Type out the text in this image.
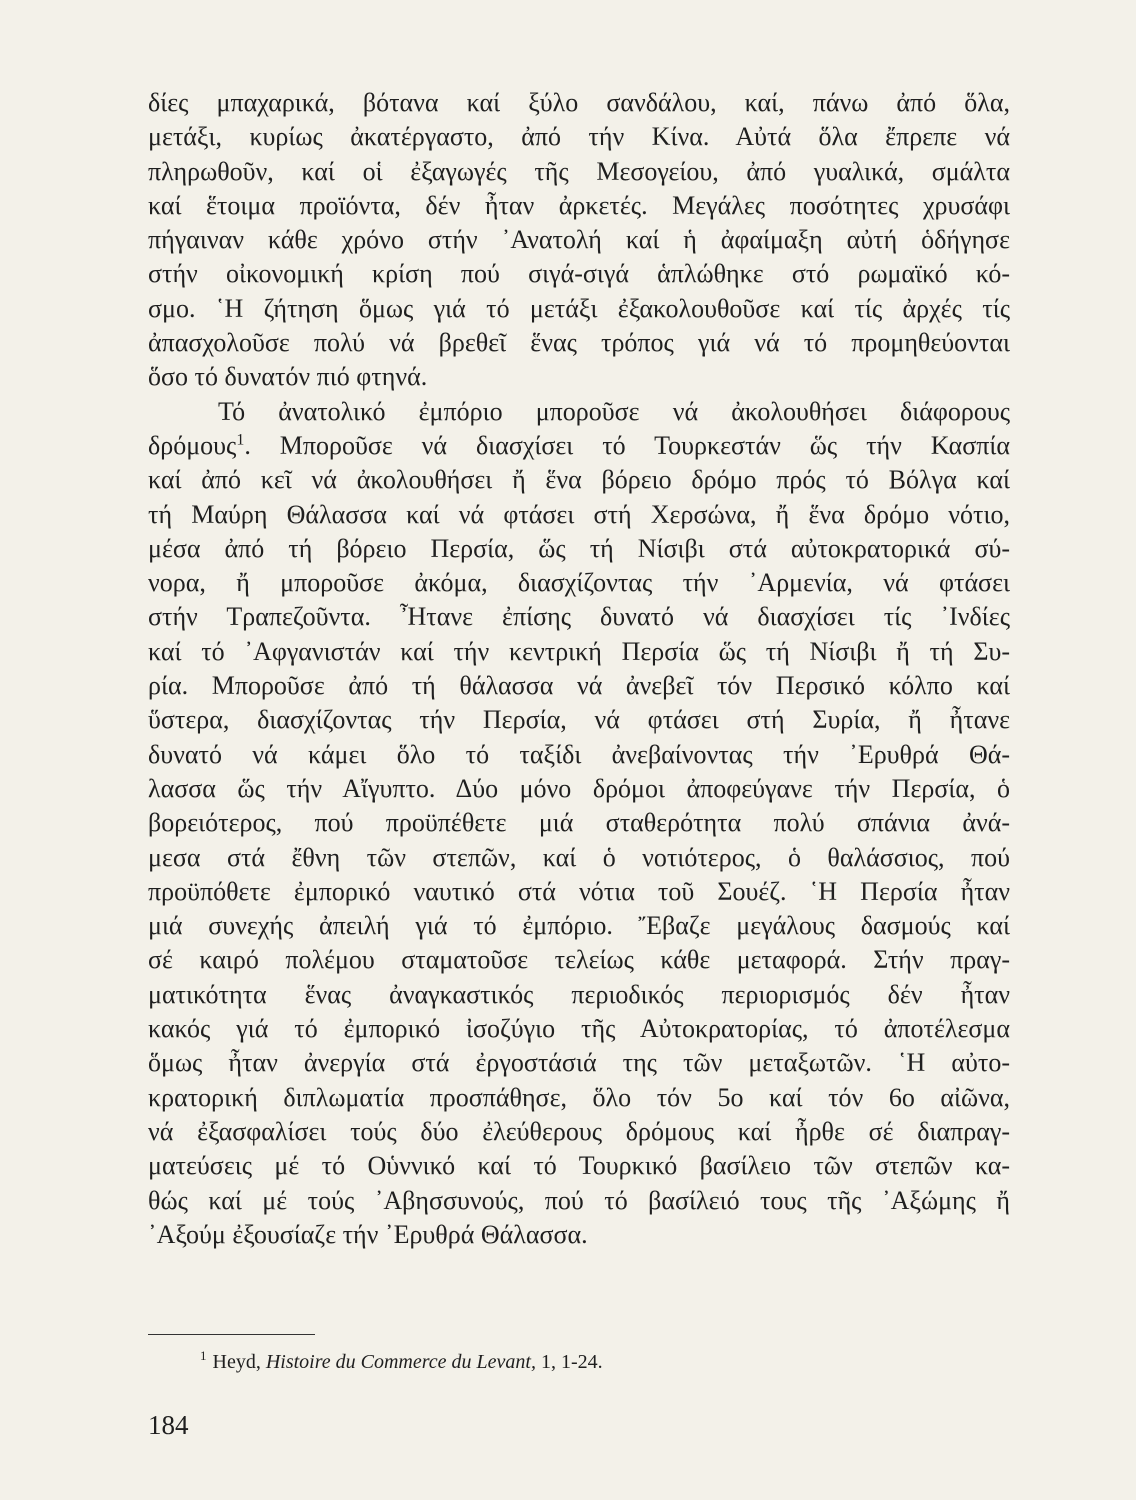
δίες μπαχαρικά, βότανα καί ξύλο σανδάλου, καί, πάνω ἀπό ὅλα,
μετάξι, κυρίως ἀκατέργαστο, ἀπό τήν Κίνα. Αὐτά ὅλα ἔπρεπε νά
πληρωθοῦν, καί οἱ ἐξαγωγές τῆς Μεσογείου, ἀπό γυαλικά, σμάλτα
καί ἕτοιμα προϊόντα, δέν ἦταν ἀρκετές. Μεγάλες ποσότητες χρυσάφι
πήγαιναν κάθε χρόνο στήν ᾿Ανατολή καί ἡ ἀφαίμαξη αὐτή ὁδήγησε
στήν οἰκονομική κρίση πού σιγά-σιγά ἁπλώθηκε στό ρωμαϊκό κό-
σμο. ῾Η ζήτηση ὅμως γιά τό μετάξι ἐξακολουθοῦσε καί τίς ἀρχές τίς
ἀπασχολοῦσε πολύ νά βρεθεῖ ἕνας τρόπος γιά νά τό προμηθεύονται
ὅσο τό δυνατόν πιό φτηνά.
Τό ἀνατολικό ἐμπόριο μποροῦσε νά ἀκολουθήσει διάφορους
δρόμους$^1$. Μποροῦσε νά διασχίσει τό Τουρκεστάν ὥς τήν Κασπία
καί ἀπό κεῖ νά ἀκολουθήσει ἤ ἕνα βόρειο δρόμο πρός τό Βόλγα καί
τή Μαύρη Θάλασσα καί νά φτάσει στή Χερσώνα, ἤ ἕνα δρόμο νότιο,
μέσα ἀπό τή βόρειο Περσία, ὥς τή Νίσιβι στά αὐτοκρατορικά σύ-
νορα, ἤ μποροῦσε ἀκόμα, διασχίζοντας τήν ᾿Αρμενία, νά φτάσει
στήν Τραπεζοῦντα. Ἦτανε ἐπίσης δυνατό νά διασχίσει τίς ᾿Ινδίες
καί τό ᾿Αφγανιστάν καί τήν κεντρική Περσία ὥς τή Νίσιβι ἤ τή Συ-
ρία. Μποροῦσε ἀπό τή θάλασσα νά ἀνεβεῖ τόν Περσικό κόλπο καί
ὕστερα, διασχίζοντας τήν Περσία, νά φτάσει στή Συρία, ἤ ἦτανε
δυνατό νά κάμει ὅλο τό ταξίδι ἀνεβαίνοντας τήν ᾿Ερυθρά Θά-
λασσα ὥς τήν Αἴγυπτο. Δύο μόνο δρόμοι ἀποφεύγανε τήν Περσία, ὁ
βορειότερος, πού προϋπέθετε μιά σταθερότητα πολύ σπάνια ἀνά-
μεσα στά ἔθνη τῶν στεπῶν, καί ὁ νοτιότερος, ὁ θαλάσσιος, πού
προϋπόθετε ἐμπορικό ναυτικό στά νότια τοῦ Σουέζ. ῾Η Περσία ἦταν
μιά συνεχής ἀπειλή γιά τό ἐμπόριο. Ἔβαζε μεγάλους δασμούς καί
σέ καιρό πολέμου σταματοῦσε τελείως κάθε μεταφορά. Στήν πραγ-
ματικότητα ἕνας ἀναγκαστικός περιοδικός περιορισμός δέν ἦταν
κακός γιά τό ἐμπορικό ἰσοζύγιο τῆς Αὐτοκρατορίας, τό ἀποτέλεσμα
ὅμως ἦταν ἀνεργία στά ἐργοστάσιά της τῶν μεταξωτῶν. ῾Η αὐτο-
κρατορική διπλωματία προσπάθησε, ὅλο τόν 5ο καί τόν 6ο αἰῶνα,
νά ἐξασφαλίσει τούς δύο ἐλεύθερους δρόμους καί ἦρθε σέ διαπραγ-
ματεύσεις μέ τό Οὑννικό καί τό Τουρκικό βασίλειο τῶν στεπῶν κα-
θώς καί μέ τούς ᾿Αβησσυνούς, πού τό βασίλειό τους τῆς ᾿Αξώμης ἤ
᾿Αξούμ ἐξουσίαζε τήν ᾿Ερυθρά Θάλασσα.
$^1$ Heyd, Histoire du Commerce du Levant, 1, 1-24.
184
